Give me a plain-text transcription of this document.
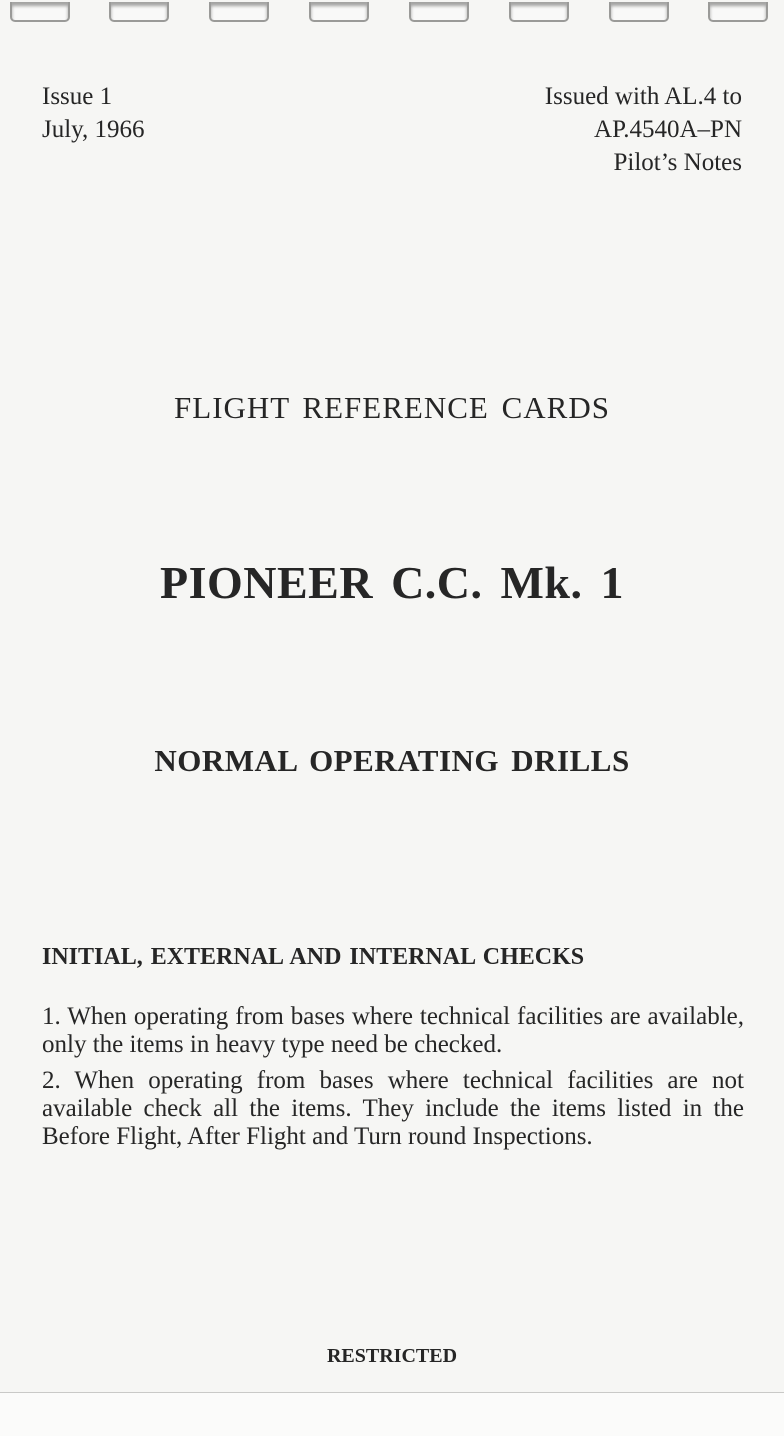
Issue 1
July, 1966
Issued with AL.4 to
AP.4540A–PN
Pilot’s Notes
FLIGHT REFERENCE CARDS
PIONEER C.C. Mk. 1
NORMAL OPERATING DRILLS
INITIAL, EXTERNAL AND INTERNAL CHECKS

1. When operating from bases where technical facilities are available, only the items in heavy type need be checked.

2. When operating from bases where technical facilities are not available check all the items. They include the items listed in the Before Flight, After Flight and Turn round Inspections.

RESTRICTED
